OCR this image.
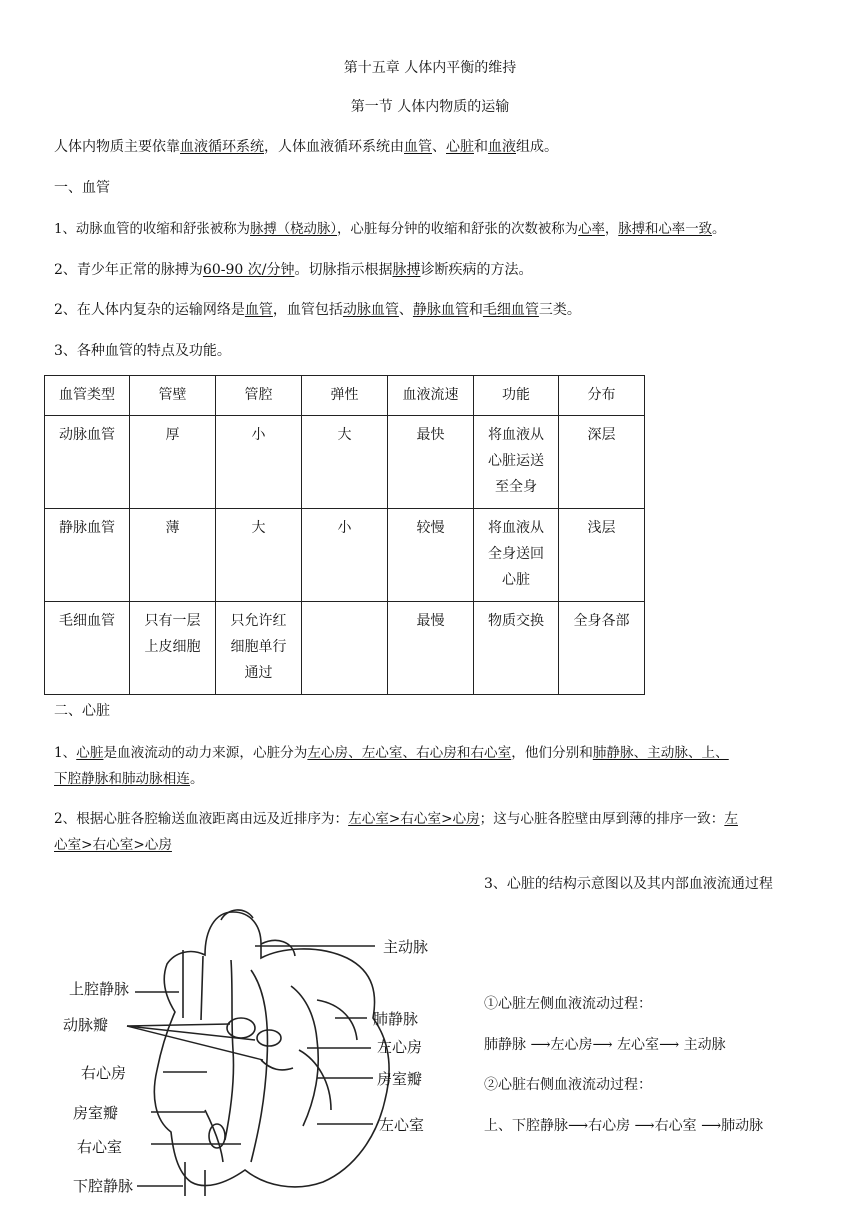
第十五章 人体内平衡的维持
第一节 人体内物质的运输
人体内物质主要依靠血液循环系统，人体血液循环系统由血管、心脏和血液组成。
一、血管
1、动脉血管的收缩和舒张被称为脉搏（桡动脉），心脏每分钟的收缩和舒张的次数被称为心率，脉搏和心率一致。
2、青少年正常的脉搏为60-90 次/分钟。切脉指示根据脉搏诊断疾病的方法。
2、在人体内复杂的运输网络是血管，血管包括动脉血管、静脉血管和毛细血管三类。
3、各种血管的特点及功能。
血管类型	管壁	管腔	弹性	血液流速	功能	分布
动脉血管	厚	小	大	最快	将血液从心脏运送至全身	深层
静脉血管	薄	大	小	较慢	将血液从全身送回心脏	浅层
毛细血管	只有一层上皮细胞	只允许红细胞单行通过		最慢	物质交换	全身各部
二、心脏
1、心脏是血液流动的动力来源，心脏分为左心房、左心室、右心房和右心室，他们分别和肺静脉、主动脉、上、
下腔静脉和肺动脉相连。
2、根据心脏各腔输送血液距离由远及近排序为：左心室>右心室>心房；这与心脏各腔壁由厚到薄的排序一致：左
心室>右心室>心房
3、心脏的结构示意图以及其内部血液流通过程
主动脉
上腔静脉
动脉瓣	肺静脉
左心房
右心房	房室瓣
房室瓣
左心室
右心室
下腔静脉
①心脏左侧血液流动过程：
肺静脉 ⟶左心房⟶ 左心室⟶ 主动脉
②心脏右侧血液流动过程：
上、下腔静脉⟶右心房 ⟶右心室 ⟶肺动脉
